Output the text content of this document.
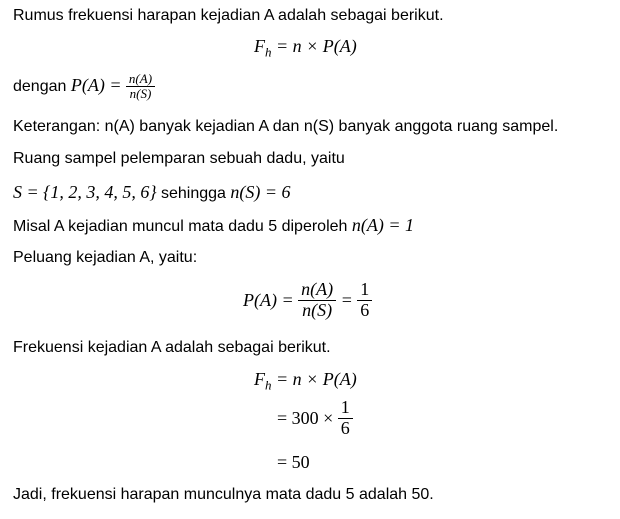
Rumus frekuensi harapan kejadian A adalah sebagai berikut.
$F_h = n \times P(A)$
dengan $P(A) = \frac{n(A)}{n(S)}$
Keterangan: n(A) banyak kejadian A dan n(S) banyak anggota ruang sampel.
Ruang sampel pelemparan sebuah dadu, yaitu
S = {1, 2, 3, 4, 5, 6} sehingga n(S) = 6
Misal A kejadian muncul mata dadu 5 diperoleh n(A) = 1
Peluang kejadian A, yaitu:
$P(A) = \frac{n(A)}{n(S)} = \frac{1}{6}$
Frekuensi kejadian A adalah sebagai berikut.
$F_h = n \times P(A)$
= $300 \times \frac{1}{6}$
= 50
Jadi, frekuensi harapan munculnya mata dadu 5 adalah 50.
